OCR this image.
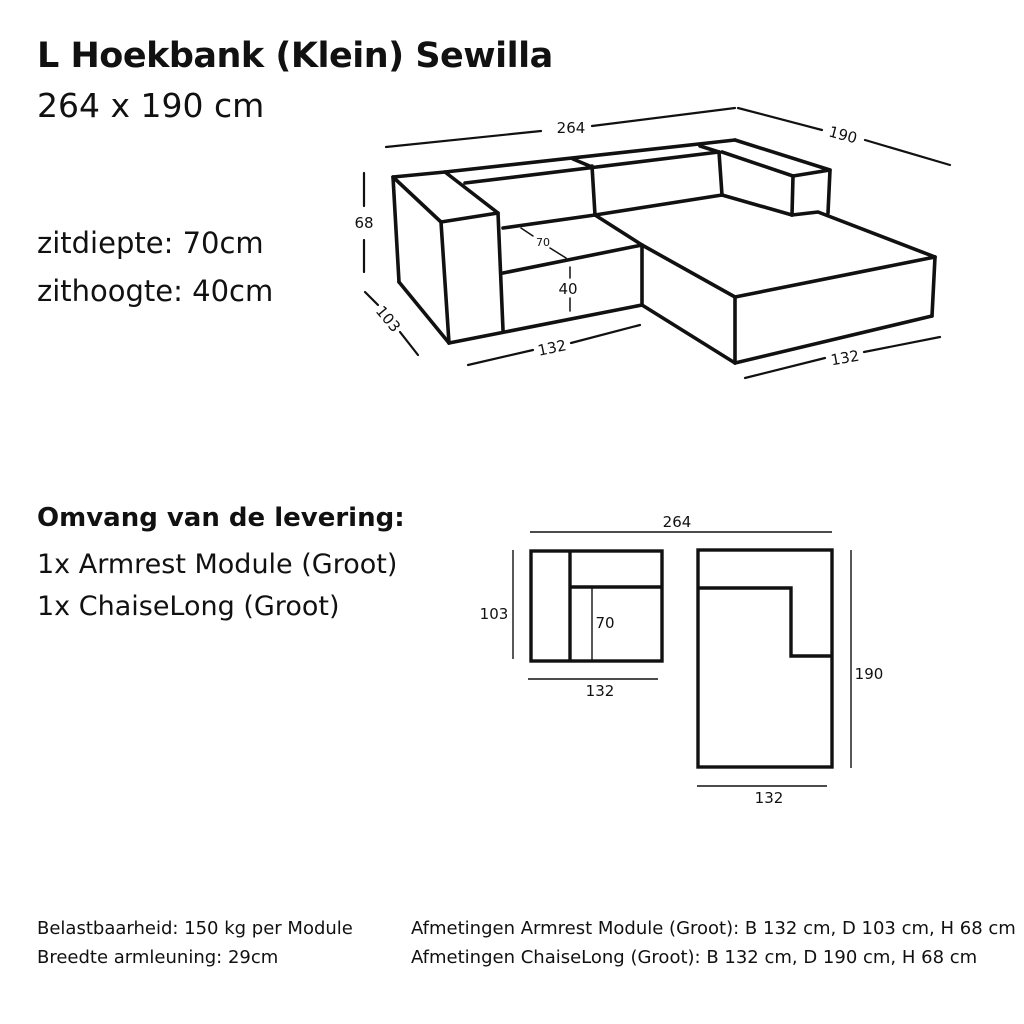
L Hoekbank (Klein) Sewilla
264 x 190 cm
zitdiepte: 70cm
zithoogte: 40cm
Omvang van de levering:
1x Armrest Module (Groot)
1x ChaiseLong (Groot)
Belastbaarheid: 150 kg per Module
Breedte armleuning: 29cm
Afmetingen Armrest Module (Groot): B 132 cm, D 103 cm, H 68 cm
Afmetingen ChaiseLong (Groot): B 132 cm, D 190 cm, H 68 cm
264	190
68
103
70
40
132	132
264
103	70
132
190
132
